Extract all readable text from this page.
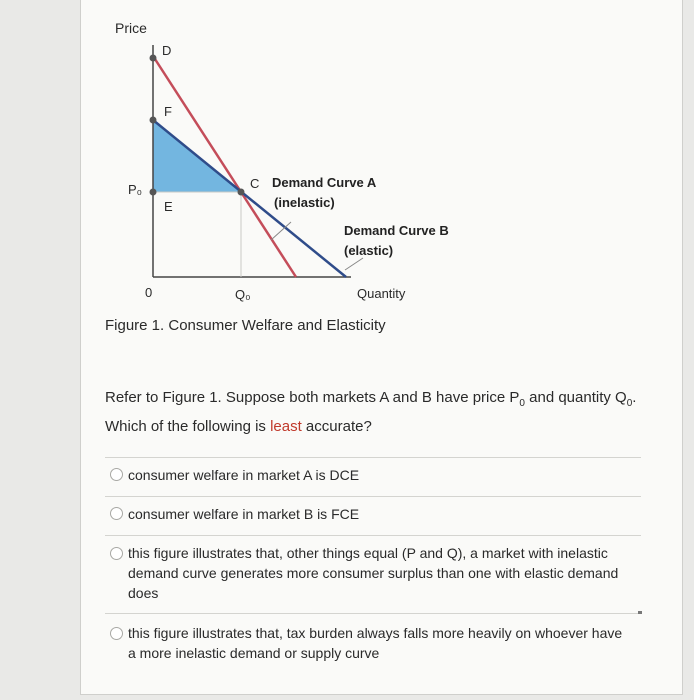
Price
D
F
P₀
E
C Demand Curve A
(inelastic)
Demand Curve B
(elastic)
0	Q₀	Quantity
Figure 1. Consumer Welfare and Elasticity
Refer to Figure 1. Suppose both markets A and B have price $P_0$ and quantity $Q_0$. Which of the following is least accurate?
consumer welfare in market A is DCE
consumer welfare in market B is FCE
this figure illustrates that, other things equal (P and Q), a market with inelastic demand curve generates more consumer surplus than one with elastic demand does
this figure illustrates that, tax burden always falls more heavily on whoever have a more inelastic demand or supply curve
